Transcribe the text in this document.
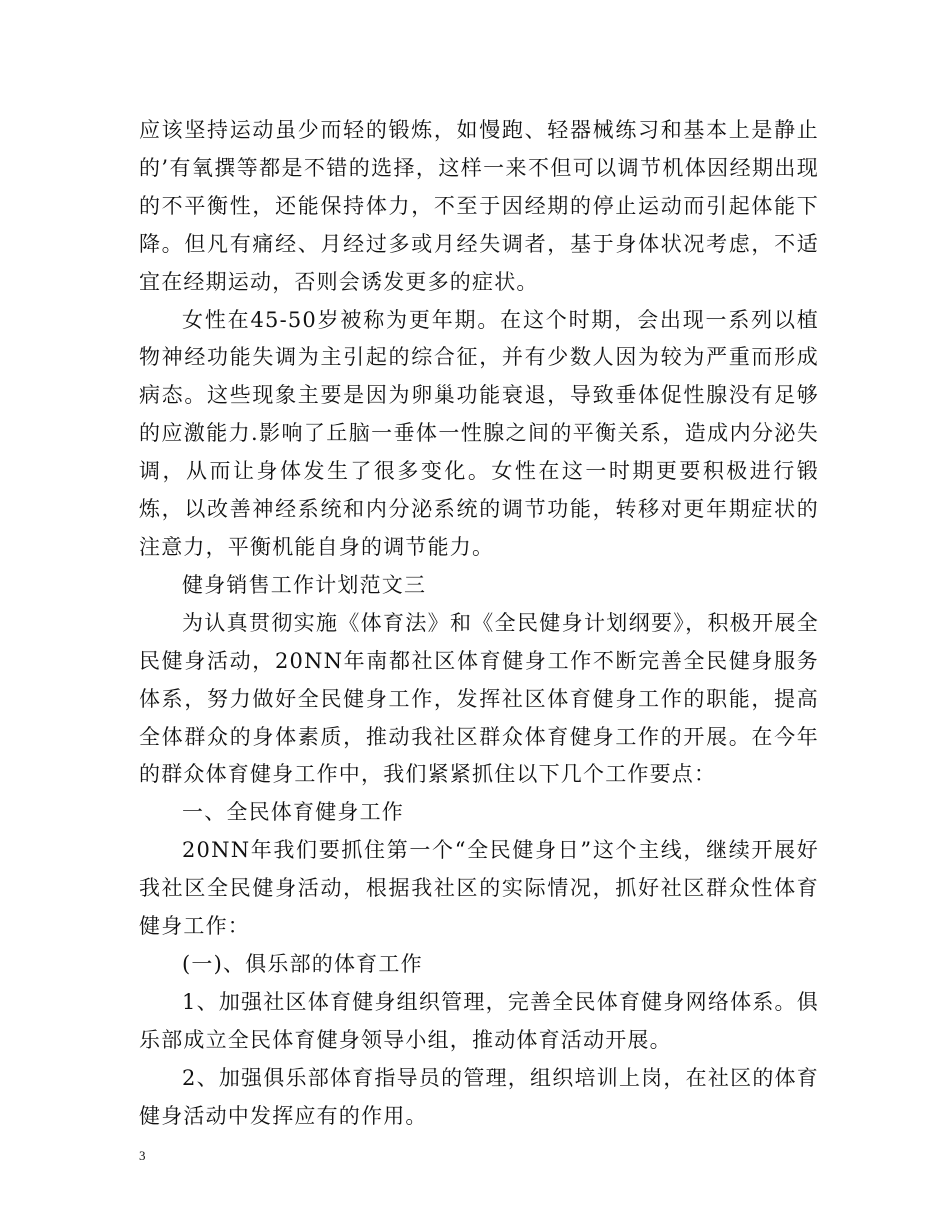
应该坚持运动虽少而轻的锻炼，如慢跑、轻器械练习和基本上是静止的’有氧撰等都是不错的选择，这样一来不但可以调节机体因经期出现的不平衡性，还能保持体力，不至于因经期的停止运动而引起体能下降。但凡有痛经、月经过多或月经失调者，基于身体状况考虑，不适宜在经期运动，否则会诱发更多的症状。

女性在45-50岁被称为更年期。在这个时期，会出现一系列以植物神经功能失调为主引起的综合征，并有少数人因为较为严重而形成病态。这些现象主要是因为卵巢功能衰退，导致垂体促性腺没有足够的应激能力.影响了丘脑一垂体一性腺之间的平衡关系，造成内分泌失调，从而让身体发生了很多变化。女性在这一时期更要积极进行锻炼，以改善神经系统和内分泌系统的调节功能，转移对更年期症状的注意力，平衡机能自身的调节能力。

健身销售工作计划范文三

为认真贯彻实施《体育法》和《全民健身计划纲要》，积极开展全民健身活动，20NN年南都社区体育健身工作不断完善全民健身服务体系，努力做好全民健身工作，发挥社区体育健身工作的职能，提高全体群众的身体素质，推动我社区群众体育健身工作的开展。在今年的群众体育健身工作中，我们紧紧抓住以下几个工作要点：

一、全民体育健身工作

20NN年我们要抓住第一个“全民健身日”这个主线，继续开展好我社区全民健身活动，根据我社区的实际情况，抓好社区群众性体育健身工作：

(一)、俱乐部的体育工作

1、加强社区体育健身组织管理，完善全民体育健身网络体系。俱乐部成立全民体育健身领导小组，推动体育活动开展。

2、加强俱乐部体育指导员的管理，组织培训上岗，在社区的体育健身活动中发挥应有的作用。

3
